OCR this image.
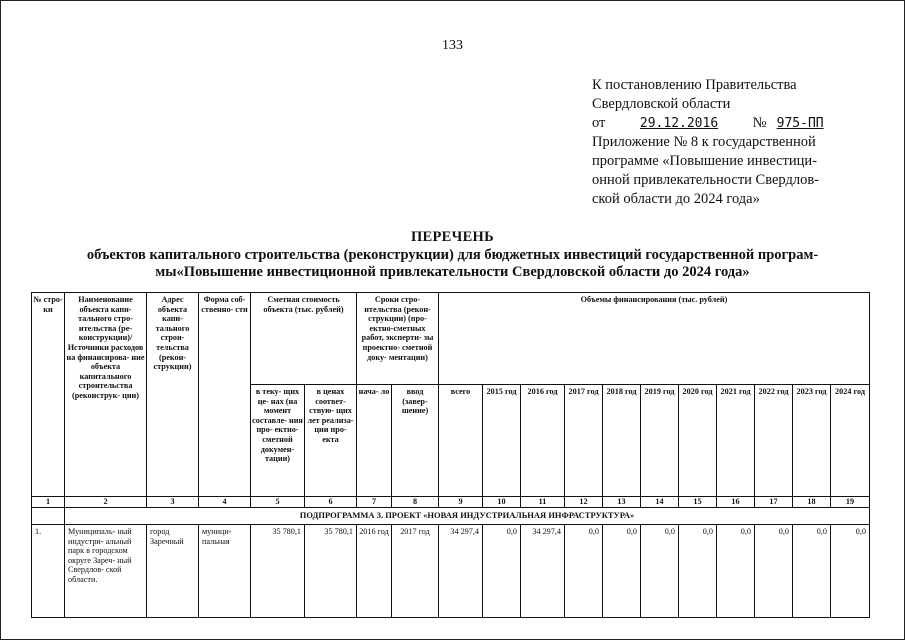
133
К постановлению Правительства
Свердловской области
от	29.12.2016 № 975-ПП
Приложение № 8 к государственной
программе «Повышение инвестици-
онной привлекательности Свердлов-
ской области до 2024 года»
ПЕРЕЧЕНЬ
объектов капитального строительства (реконструкции) для бюджетных инвестиций государственной програм-
мы«Повышение инвестиционной привлекательности Свердловской области до 2024 года»
№ стро- ки	Наименование объекта капи- тального стро- ительства (ре- конструкции)/ Источники расходов на финансирова- ние объекта капитального строительства (реконструк- ции)	Адрес объекта капи- тального строи- тельства (рекон- струкции)	Форма соб- ственно- сти	Сметная стоимость объекта (тыс. рублей)		Сроки стро- ительства (рекон- струкции) (про- ектно-сметных работ, эксперти- зы проектно- сметной доку- ментации)		Объемы финансирования (тыс. рублей)										
				в теку- щих це- нах (на момент составле- ния про- ектно- сметной докумен- тации)	в ценах соответ- ствую- щих лет реализа- ции про- екта	нача- ло	ввод (завер- шение)	всего	2015 год	2016 год	2017 год	2018 год	2019 год	2020 год	2021 год	2022 год	2023 год	2024 год
1	2	3	4	5	6	7	8	9	10	11	12	13	14	15	16	17	18	19
	ПОДПРОГРАММА 3. ПРОЕКТ «НОВАЯ ИНДУСТРИАЛЬНАЯ ИНФРАСТРУКТУРА»																	
1.	Муниципаль- ный индустри- альный парк в городском округе Зареч- ный Свердлов- ской области.	город Заречный	муници- пальная	35 780,1	35 780,1	2016 год	2017 год	34 297,4	0,0	34 297,4	0,0	0,0	0,0	0,0	0,0	0,0	0,0	0,0
